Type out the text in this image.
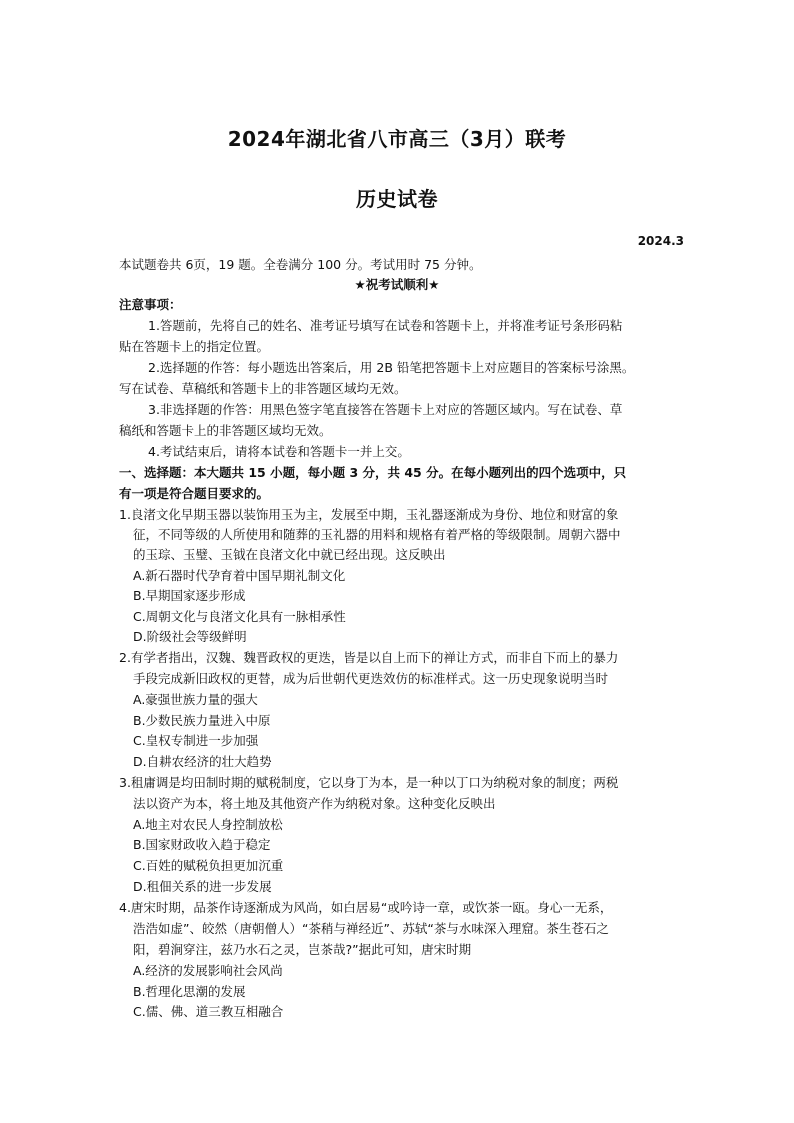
2024年湖北省八市高三（3月）联考
历史试卷
2024.3
本试题卷共 6页，19 题。全卷满分 100 分。考试用时 75 分钟。
★祝考试顺利★
注意事项：
1.答题前，先将自己的姓名、准考证号填写在试卷和答题卡上，并将准考证号条形码粘
贴在答题卡上的指定位置。
2.选择题的作答：每小题选出答案后，用 2B 铅笔把答题卡上对应题目的答案标号涂黑。
写在试卷、草稿纸和答题卡上的非答题区域均无效。
3.非选择题的作答：用黑色签字笔直接答在答题卡上对应的答题区域内。写在试卷、草
稿纸和答题卡上的非答题区域均无效。
4.考试结束后，请将本试卷和答题卡一并上交。
一、选择题：本大题共 15 小题，每小题 3 分，共 45 分。在每小题列出的四个选项中，只
有一项是符合题目要求的。
1.良渚文化早期玉器以装饰用玉为主，发展至中期，玉礼器逐渐成为身份、地位和财富的象
征，不同等级的人所使用和随葬的玉礼器的用料和规格有着严格的等级限制。周朝六器中
的玉琮、玉璧、玉钺在良渚文化中就已经出现。这反映出
A.新石器时代孕育着中国早期礼制文化
B.早期国家逐步形成
C.周朝文化与良渚文化具有一脉相承性
D.阶级社会等级鲜明
2.有学者指出，汉魏、魏晋政权的更迭，皆是以自上而下的禅让方式，而非自下而上的暴力
手段完成新旧政权的更替，成为后世朝代更迭效仿的标准样式。这一历史现象说明当时
A.豪强世族力量的强大
B.少数民族力量进入中原
C.皇权专制进一步加强
D.自耕农经济的壮大趋势
3.租庸调是均田制时期的赋税制度，它以身丁为本，是一种以丁口为纳税对象的制度；两税
法以资产为本，将土地及其他资产作为纳税对象。这种变化反映出
A.地主对农民人身控制放松
B.国家财政收入趋于稳定
C.百姓的赋税负担更加沉重
D.租佃关系的进一步发展
4.唐宋时期，品茶作诗逐渐成为风尚，如白居易“或吟诗一章，或饮茶一瓯。身心一无系，
浩浩如虚”、皎然（唐朝僧人）“茶稍与禅经近”、苏轼“茶与水味深入理窟。茶生苍石之
阳，碧涧穿注，兹乃水石之灵，岂茶哉?”据此可知，唐宋时期
A.经济的发展影响社会风尚
B.哲理化思潮的发展
C.儒、佛、道三教互相融合
